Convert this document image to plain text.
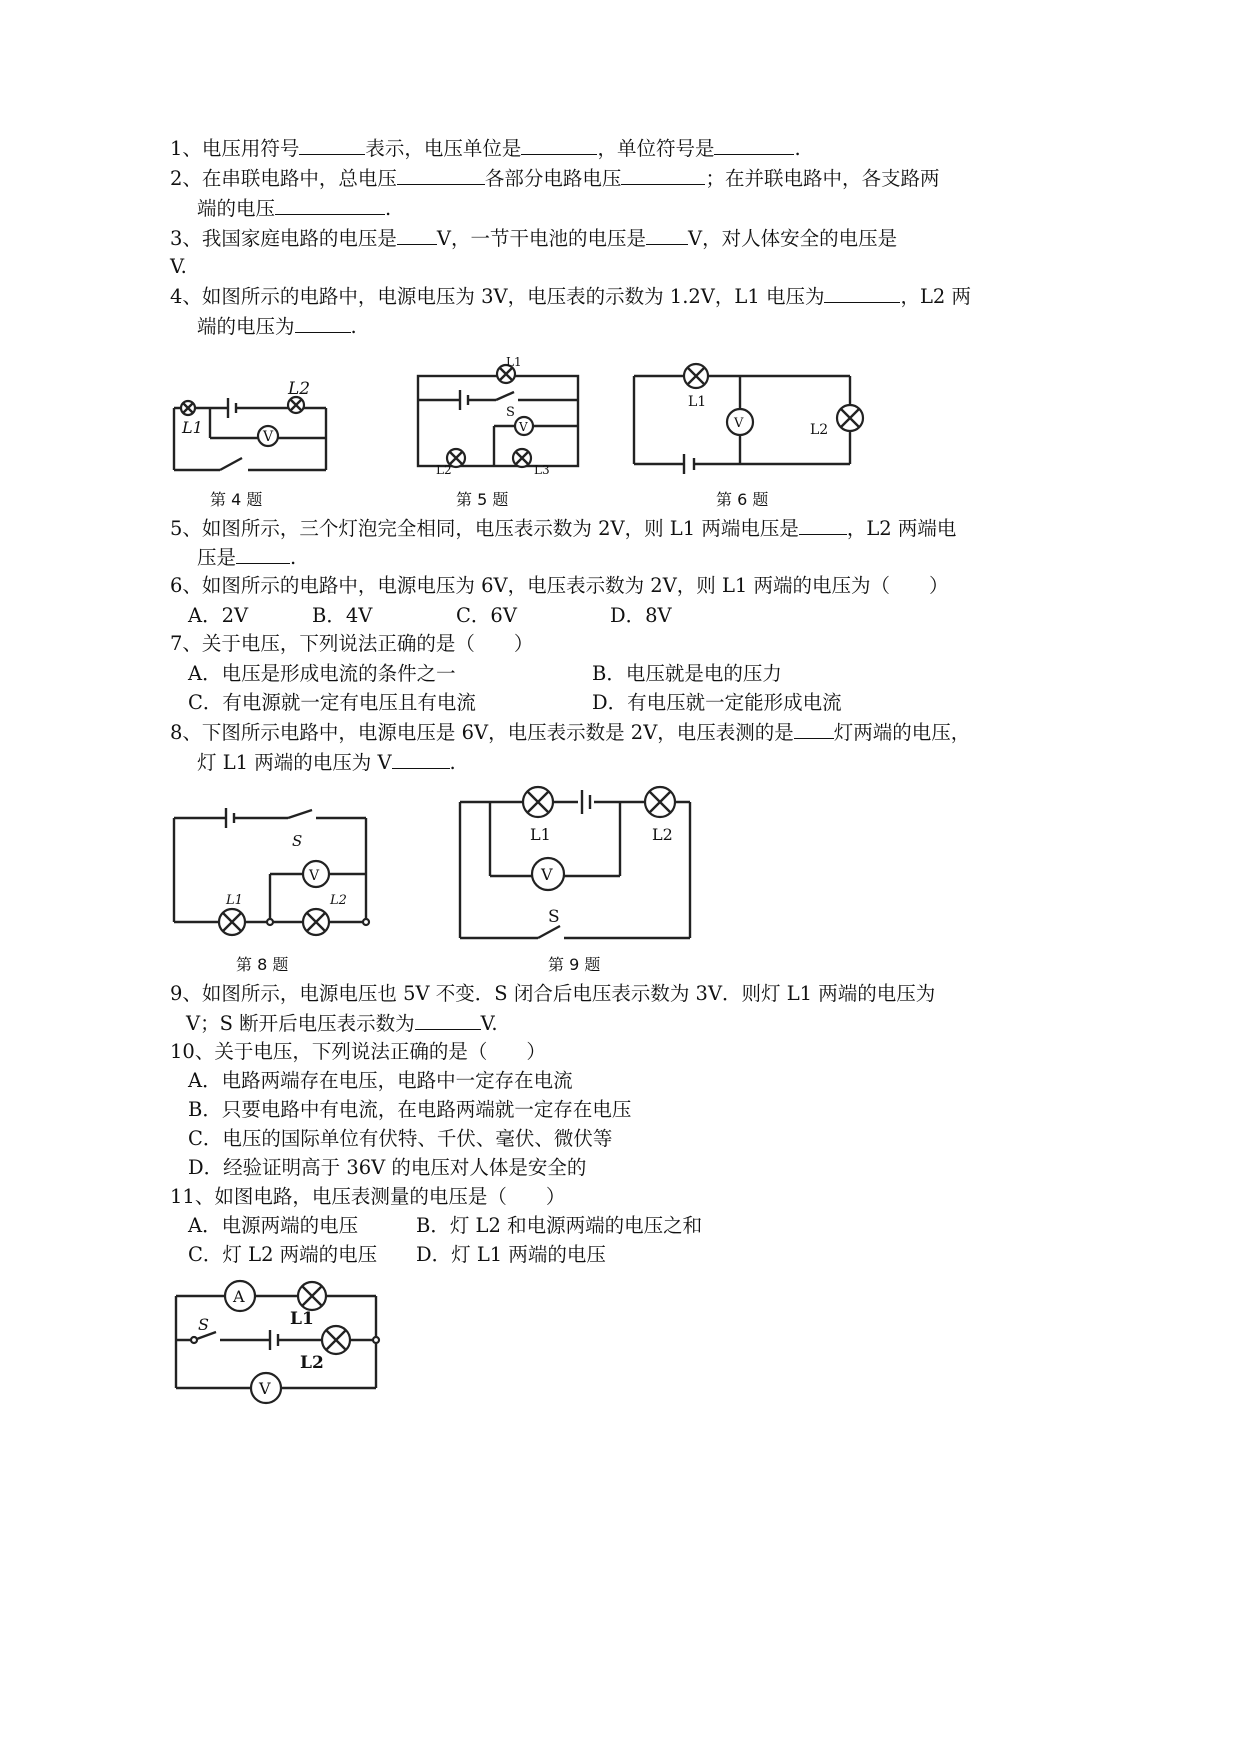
1、电压用符号	表示，电压单位是	，单位符号是	.
2、在串联电路中，总电压	各部分电路电压	；在并联电路中，各支路两
端的电压	.
3、我国家庭电路的电压是 V，一节干电池的电压是 V，对人体安全的电压是
V.
4、如图所示的电路中，电源电压为 3V，电压表的示数为 1.2V，L1 电压为	，L2 两
端的电压为	.
V
L2
L1
第 4 题
V
L1
S
L2	L3
第 5 题
V
L1
L2
第 6 题
5、如图所示，三个灯泡完全相同，电压表示数为 2V，则 L1 两端电压是 ，L2 两端电
压是	.
6、如图所示的电路中，电源电压为 6V，电压表示数为 2V，则 L1 两端的电压为（　　）
A．2V	B．4V	C．6V	D．8V
7、关于电压，下列说法正确的是（　　）
A．电压是形成电流的条件之一	B．电压就是电的压力
C．有电源就一定有电压且有电流	D．有电压就一定能形成电流
8、下图所示电路中，电源电压是 6V，电压表示数是 2V，电压表测的是 灯两端的电压，
灯 L1 两端的电压为 V	.
V
S
L1	L2
第 8 题
V
L1	L2
S
第 9 题
9、如图所示，电源电压也 5V 不变．S 闭合后电压表示数为 3V．则灯 L1 两端的电压为
V；S 断开后电压表示数为	V.
10、关于电压，下列说法正确的是（　　）
A．电路两端存在电压，电路中一定存在电流
B．只要电路中有电流，在电路两端就一定存在电压
C．电压的国际单位有伏特、千伏、毫伏、微伏等
D．经验证明高于 36V 的电压对人体是安全的
11、如图电路，电压表测量的电压是（　　）
A．电源两端的电压	B．灯 L2 和电源两端的电压之和
C．灯 L2 两端的电压 D．灯 L1 两端的电压
A
V
S	L1
L2
